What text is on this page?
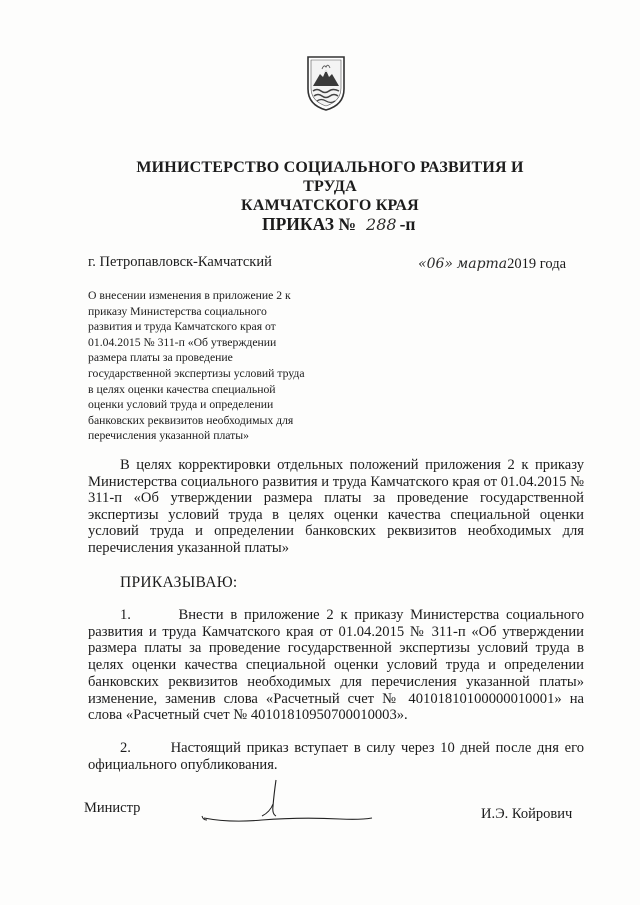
МИНИСТЕРСТВО СОЦИАЛЬНОГО РАЗВИТИЯ И ТРУДА
КАМЧАТСКОГО КРАЯ
ПРИКАЗ № 288 -п
г. Петропавловск-Камчатский	«06» марта2019 года
О внесении изменения в приложение 2 к
приказу Министерства социального
развития и труда Камчатского края от
01.04.2015 № 311-п «Об утверждении
размера платы за проведение
государственной экспертизы условий труда
в целях оценки качества специальной
оценки условий труда и определении
банковских реквизитов необходимых для
перечисления указанной платы»
В целях корректировки отдельных положений приложения 2 к приказу Министерства социального развития и труда Камчатского края от 01.04.2015 № 311-п «Об утверждении размера платы за проведение государственной экспертизы условий труда в целях оценки качества специальной оценки условий труда и определении банковских реквизитов необходимых для перечисления указанной платы»
ПРИКАЗЫВАЮ:
1.	Внести в приложение 2 к приказу Министерства социального развития и труда Камчатского края от 01.04.2015 № 311-п «Об утверждении размера платы за проведение государственной экспертизы условий труда в целях оценки качества специальной оценки условий труда и определении банковских реквизитов необходимых для перечисления указанной платы» изменение, заменив слова «Расчетный счет № 40101810100000010001» на слова «Расчетный счет № 40101810950700010003».
2.	Настоящий приказ вступает в силу через 10 дней после дня его официального опубликования.
Министр	И.Э. Койрович
